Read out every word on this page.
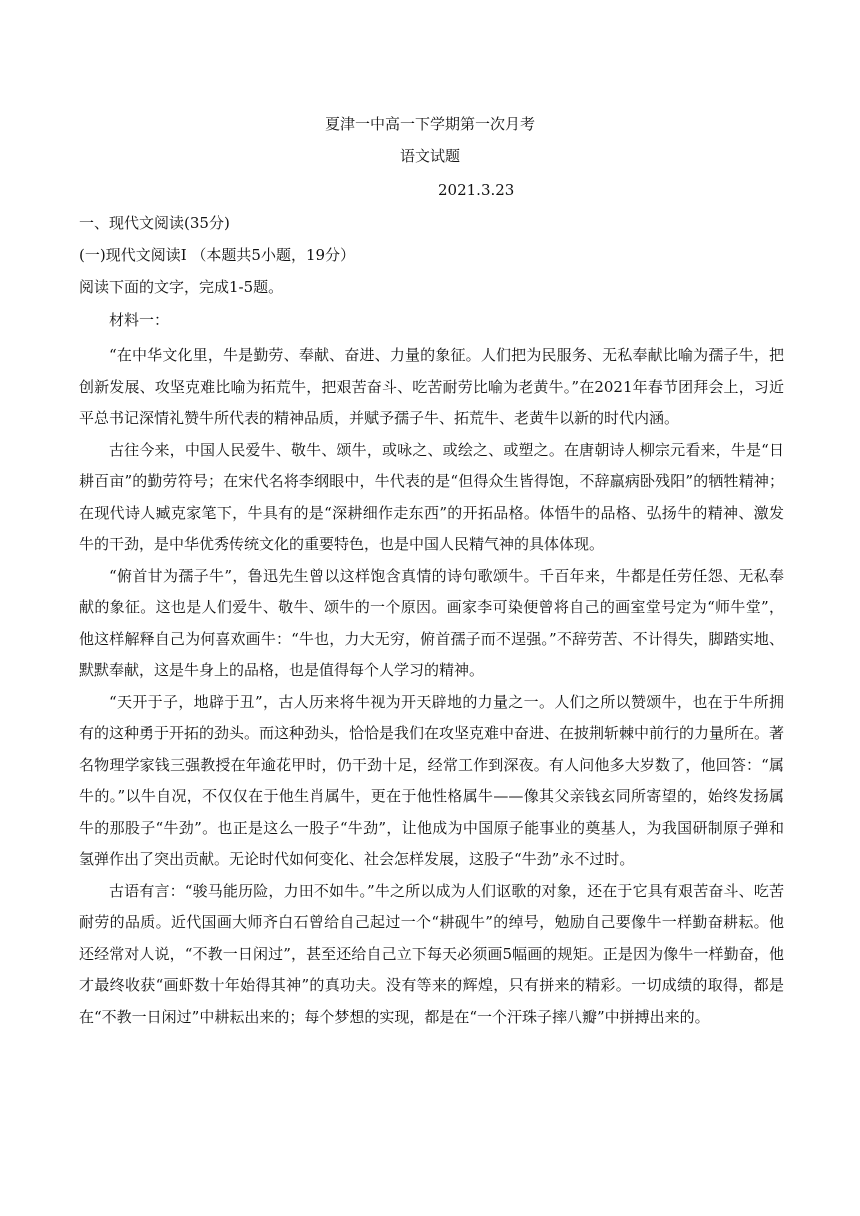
夏津一中高一下学期第一次月考
语文试题
2021.3.23
一、现代文阅读(35分)
(一)现代文阅读Ⅰ （本题共5小题，19分）
阅读下面的文字，完成1-5题。
材料一：

“在中华文化里，牛是勤劳、奉献、奋进、力量的象征。人们把为民服务、无私奉献比喻为孺子牛，把创新发展、攻坚克难比喻为拓荒牛，把艰苦奋斗、吃苦耐劳比喻为老黄牛。”在2021年春节团拜会上，习近平总书记深情礼赞牛所代表的精神品质，并赋予孺子牛、拓荒牛、老黄牛以新的时代内涵。

古往今来，中国人民爱牛、敬牛、颂牛，或咏之、或绘之、或塑之。在唐朝诗人柳宗元看来，牛是“日耕百亩”的勤劳符号；在宋代名将李纲眼中，牛代表的是“但得众生皆得饱，不辞羸病卧残阳”的牺牲精神；在现代诗人臧克家笔下，牛具有的是“深耕细作走东西”的开拓品格。体悟牛的品格、弘扬牛的精神、激发牛的干劲，是中华优秀传统文化的重要特色，也是中国人民精气神的具体体现。

“俯首甘为孺子牛”，鲁迅先生曾以这样饱含真情的诗句歌颂牛。千百年来，牛都是任劳任怨、无私奉献的象征。这也是人们爱牛、敬牛、颂牛的一个原因。画家李可染便曾将自己的画室堂号定为“师牛堂”，他这样解释自己为何喜欢画牛：“牛也，力大无穷，俯首孺子而不逞强。”不辞劳苦、不计得失，脚踏实地、默默奉献，这是牛身上的品格，也是值得每个人学习的精神。

“天开于子，地辟于丑”，古人历来将牛视为开天辟地的力量之一。人们之所以赞颂牛，也在于牛所拥有的这种勇于开拓的劲头。而这种劲头，恰恰是我们在攻坚克难中奋进、在披荆斩棘中前行的力量所在。著名物理学家钱三强教授在年逾花甲时，仍干劲十足，经常工作到深夜。有人问他多大岁数了，他回答：“属牛的。”以牛自况，不仅仅在于他生肖属牛，更在于他性格属牛——像其父亲钱玄同所寄望的，始终发扬属牛的那股子“牛劲”。也正是这么一股子“牛劲”，让他成为中国原子能事业的奠基人，为我国研制原子弹和氢弹作出了突出贡献。无论时代如何变化、社会怎样发展，这股子“牛劲”永不过时。

古语有言：“骏马能历险，力田不如牛。”牛之所以成为人们讴歌的对象，还在于它具有艰苦奋斗、吃苦耐劳的品质。近代国画大师齐白石曾给自己起过一个“耕砚牛”的绰号，勉励自己要像牛一样勤奋耕耘。他还经常对人说，“不教一日闲过”，甚至还给自己立下每天必须画5幅画的规矩。正是因为像牛一样勤奋，他才最终收获“画虾数十年始得其神”的真功夫。没有等来的辉煌，只有拼来的精彩。一切成绩的取得，都是在“不教一日闲过”中耕耘出来的；每个梦想的实现，都是在“一个汗珠子摔八瓣”中拼搏出来的。
